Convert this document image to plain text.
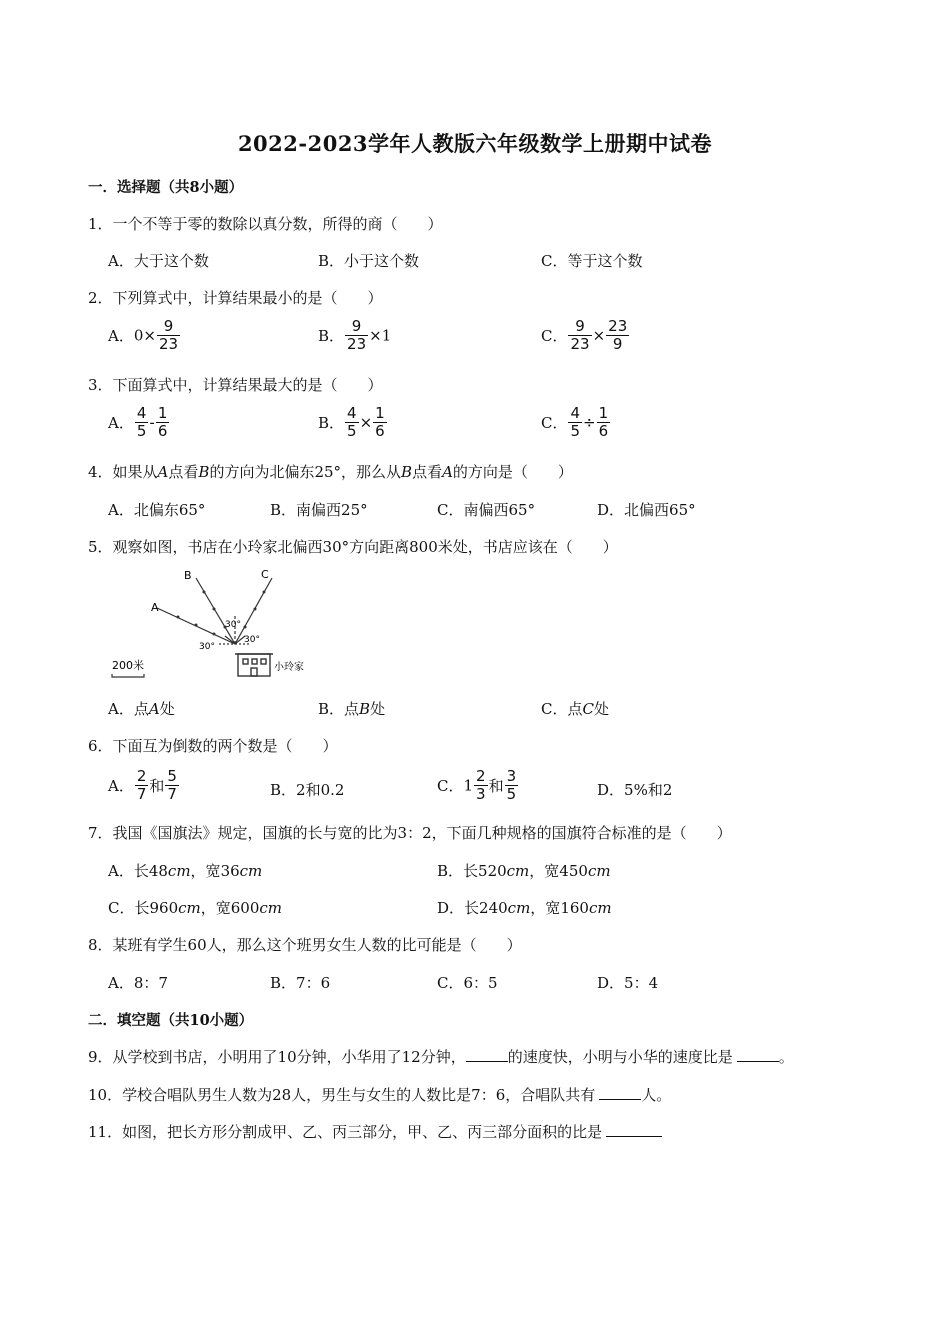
2022-2023学年人教版六年级数学上册期中试卷
一．选择题（共8小题）
1．一个不等于零的数除以真分数，所得的商（　　）
A．大于这个数	B．小于这个数	C．等于这个数
2．下列算式中，计算结果最小的是（　　）
A．$0\times \frac{9}{23}$	B． $\frac{9}{23} \times 1$	C． $\frac{9}{23} \times \frac{23}{9}$
3．下面算式中，计算结果最大的是（　　）
A． $\frac{4}{5} - \frac{1}{6}$	B． $\frac{4}{5} \times \frac{1}{6}$	C． $\frac{4}{5} \div \frac{1}{6}$
4．如果从A点看B的方向为北偏东25°，那么从B点看A的方向是（　　）
A．北偏东65°	B．南偏西25°	C．南偏西65°	D．北偏西65°
5．观察如图，书店在小玲家北偏西30°方向距离800米处，书店应该在（　　）
A
B	C
30°
30°
30°
小玲家
200米
A．点A处	B．点B处	C．点C处
6．下面互为倒数的两个数是（　　）
A． $\frac{2}{7}$ 和 $\frac{5}{7}$	B．2和0.2	C．$1 \frac{2}{3}$ 和 $\frac{3}{5}$	D．5%和2
7．我国《国旗法》规定，国旗的长与宽的比为3：2，下面几种规格的国旗符合标准的是（　　）
A．长48cm，宽36cm	B．长520cm，宽450cm
C．长960cm，宽600cm	D．长240cm，宽160cm
8．某班有学生60人，那么这个班男女生人数的比可能是（　　）
A．8：7	B．7：6	C．6：5	D．5：4
二．填空题（共10小题）
9．从学校到书店，小明用了10分钟，小华用了12分钟，	的速度快，小明与小华的速度比是	。
10．学校合唱队男生人数为28人，男生与女生的人数比是7：6，合唱队共有	人。
11．如图，把长方形分割成甲、乙、丙三部分，甲、乙、丙三部分面积的比是
